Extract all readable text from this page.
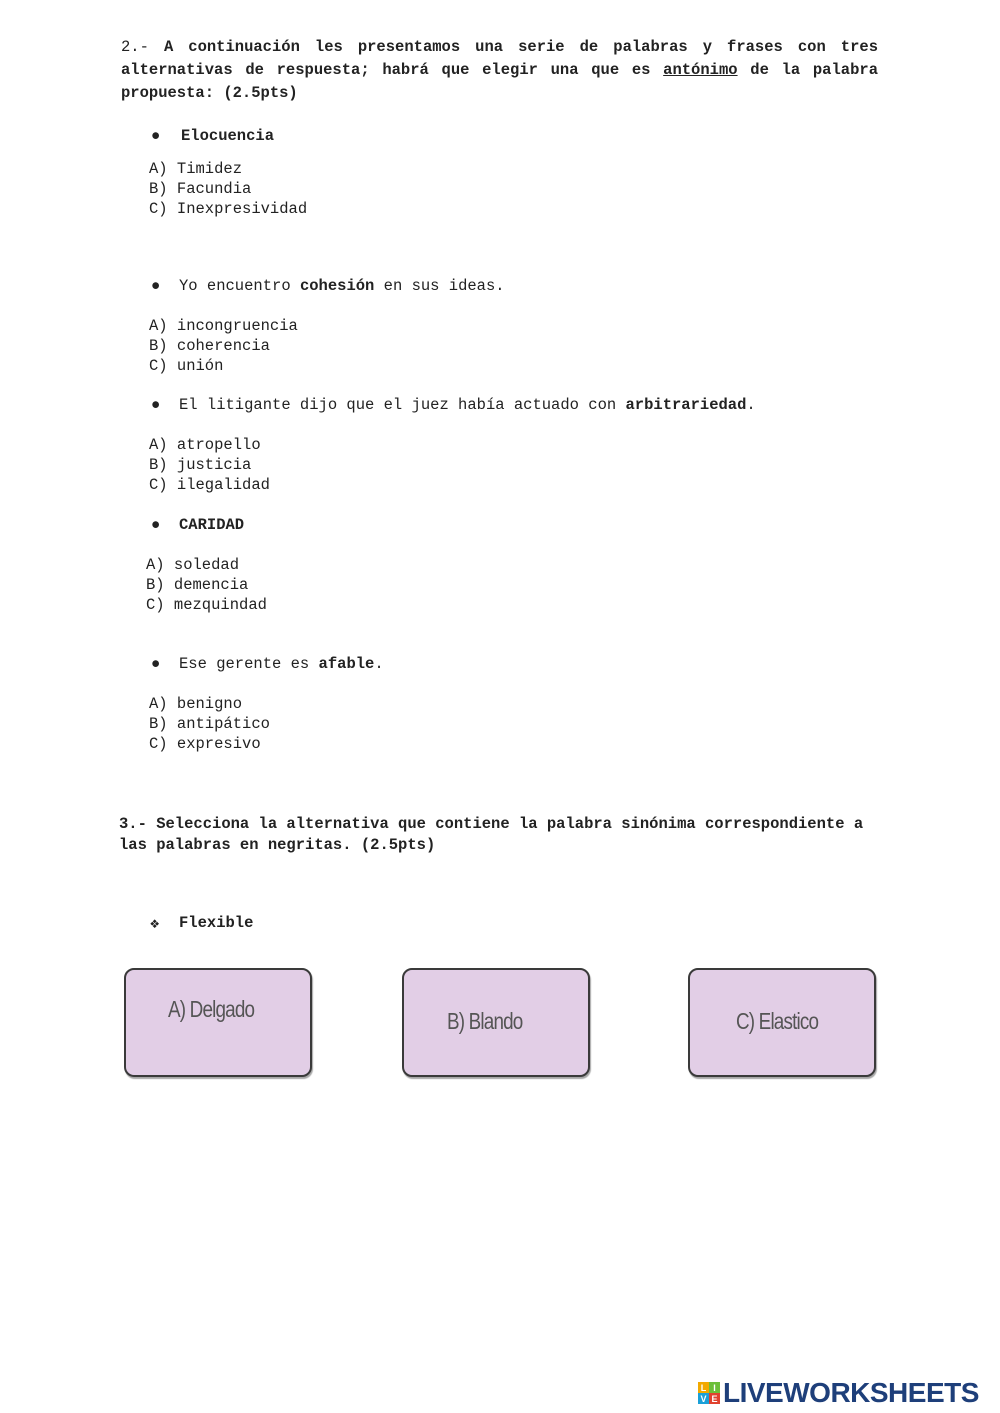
2.- A continuación les presentamos una serie de palabras y frases con tres alternativas de respuesta; habrá que elegir una que es antónimo de la palabra propuesta: (2.5pts)
● Elocuencia
A) Timidez
B) Facundia
C) Inexpresividad
● Yo encuentro cohesión en sus ideas.
A) incongruencia
B) coherencia
C) unión
● El litigante dijo que el juez había actuado con arbitrariedad.
A) atropello
B) justicia
C) ilegalidad
● CARIDAD
A) soledad
B) demencia
C) mezquindad
● Ese gerente es afable.
A) benigno
B) antipático
C) expresivo
3.- Selecciona la alternativa que contiene la palabra sinónima correspondiente a las palabras en negritas. (2.5pts)
❖ Flexible
A) Delgado	B) Blando	C) Elastico
L I
V E LIVEWORKSHEETS
